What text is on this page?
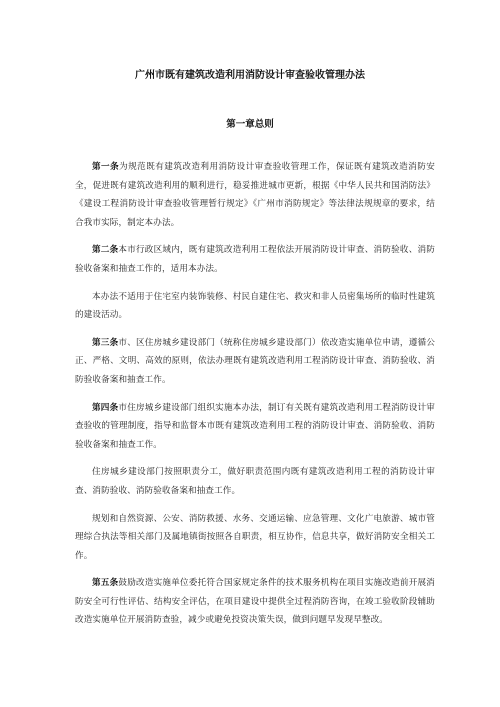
广州市既有建筑改造利用消防设计审查验收管理办法
第一章总则

第一条为规范既有建筑改造利用消防设计审查验收管理工作，保证既有建筑改造消防安全，促进既有建筑改造利用的顺利进行，稳妥推进城市更新，根据《中华人民共和国消防法》《建设工程消防设计审查验收管理暂行规定》《广州市消防规定》等法律法规规章的要求，结合我市实际，制定本办法。

第二条本市行政区域内，既有建筑改造利用工程依法开展消防设计审查、消防验收、消防验收备案和抽查工作的，适用本办法。

本办法不适用于住宅室内装饰装修、村民自建住宅、救灾和非人员密集场所的临时性建筑的建设活动。

第三条市、区住房城乡建设部门（统称住房城乡建设部门）依改造实施单位申请，遵循公正、严格、文明、高效的原则，依法办理既有建筑改造利用工程消防设计审查、消防验收、消防验收备案和抽查工作。

第四条市住房城乡建设部门组织实施本办法，制订有关既有建筑改造利用工程消防设计审查验收的管理制度，指导和监督本市既有建筑改造利用工程的消防设计审查、消防验收、消防验收备案和抽查工作。

住房城乡建设部门按照职责分工，做好职责范围内既有建筑改造利用工程的消防设计审查、消防验收、消防验收备案和抽查工作。

规划和自然资源、公安、消防救援、水务、交通运输、应急管理、文化广电旅游、城市管理综合执法等相关部门及属地镇街按照各自职责，相互协作，信息共享，做好消防安全相关工作。

第五条鼓励改造实施单位委托符合国家规定条件的技术服务机构在项目实施改造前开展消防安全可行性评估、结构安全评估，在项目建设中提供全过程消防咨询，在竣工验收阶段辅助改造实施单位开展消防查验，减少或避免投资决策失误，做到问题早发现早整改。
